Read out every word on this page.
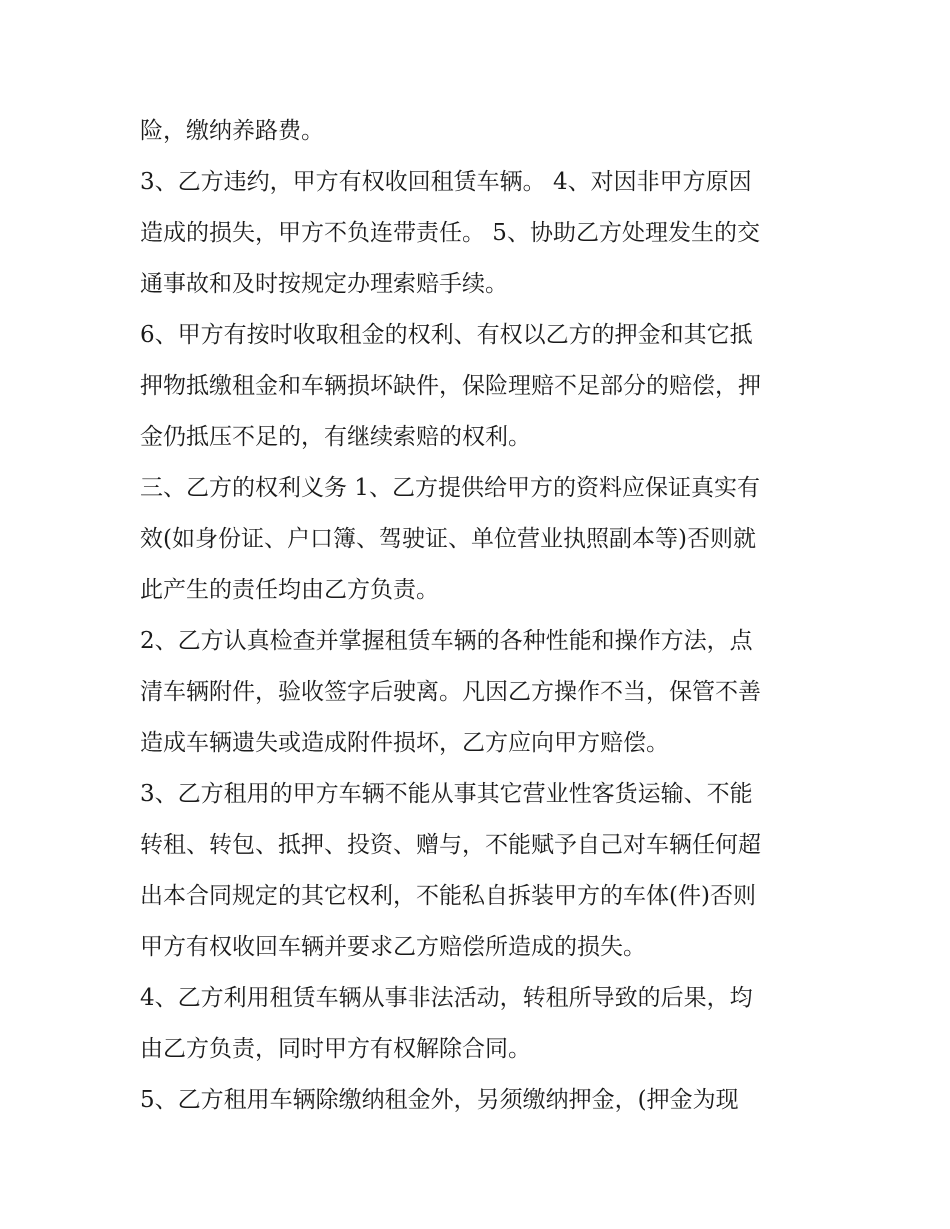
险，缴纳养路费。
3、乙方违约，甲方有权收回租赁车辆。 4、对因非甲方原因
造成的损失，甲方不负连带责任。 5、协助乙方处理发生的交
通事故和及时按规定办理索赔手续。
6、甲方有按时收取租金的权利、有权以乙方的押金和其它抵
押物抵缴租金和车辆损坏缺件，保险理赔不足部分的赔偿，押
金仍抵压不足的，有继续索赔的权利。
三、乙方的权利义务 1、乙方提供给甲方的资料应保证真实有
效(如身份证、户口簿、驾驶证、单位营业执照副本等)否则就
此产生的责任均由乙方负责。
2、乙方认真检查并掌握租赁车辆的各种性能和操作方法，点
清车辆附件，验收签字后驶离。凡因乙方操作不当，保管不善
造成车辆遗失或造成附件损坏，乙方应向甲方赔偿。
3、乙方租用的甲方车辆不能从事其它营业性客货运输、不能
转租、转包、抵押、投资、赠与，不能赋予自己对车辆任何超
出本合同规定的其它权利，不能私自拆装甲方的车体(件)否则
甲方有权收回车辆并要求乙方赔偿所造成的损失。
4、乙方利用租赁车辆从事非法活动，转租所导致的后果，均
由乙方负责，同时甲方有权解除合同。
5、乙方租用车辆除缴纳租金外，另须缴纳押金，(押金为现
